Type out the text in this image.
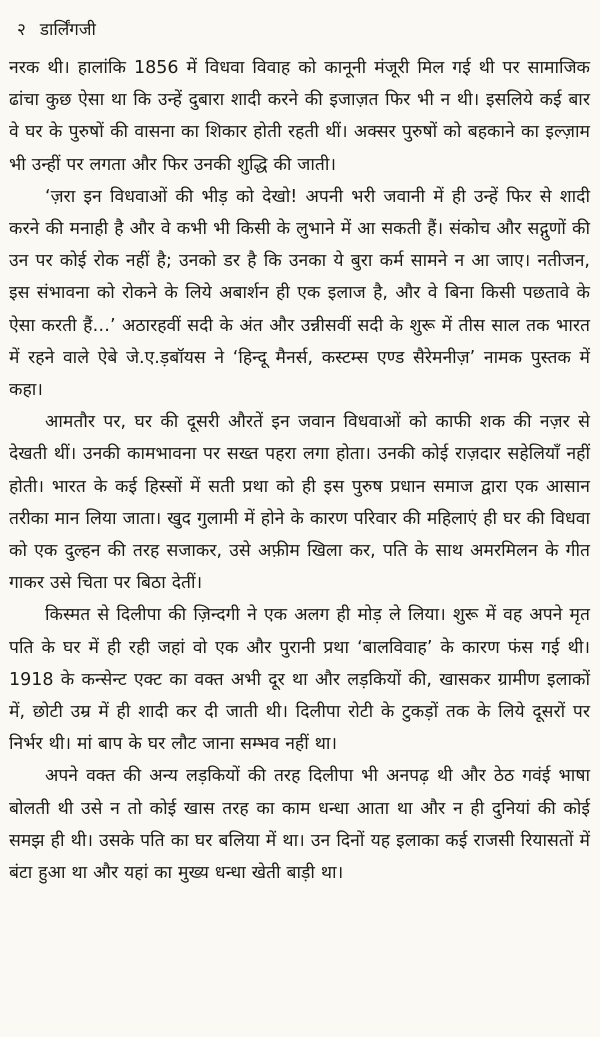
२ डार्लिंगजी

नरक थी। हालांकि 1856 में विधवा विवाह को कानूनी मंजूरी मिल गई थी पर सामाजिक ढांचा कुछ ऐसा था कि उन्हें दुबारा शादी करने की इजाज़त फिर भी न थी। इसलिये कई बार वे घर के पुरुषों की वासना का शिकार होती रहती थीं। अक्सर पुरुषों को बहकाने का इल्ज़ाम भी उन्हीं पर लगता और फिर उनकी शुद्धि की जाती।

‘ज़रा इन विधवाओं की भीड़ को देखो! अपनी भरी जवानी में ही उन्हें फिर से शादी करने की मनाही है और वे कभी भी किसी के लुभाने में आ सकती हैं। संकोच और सद्गुणों की उन पर कोई रोक नहीं है; उनको डर है कि उनका ये बुरा कर्म सामने न आ जाए। नतीजन, इस संभावना को रोकने के लिये अबार्शन ही एक इलाज है, और वे बिना किसी पछतावे के ऐसा करती हैं…’ अठारहवीं सदी के अंत और उन्नीसवीं सदी के शुरू में तीस साल तक भारत में रहने वाले ऐबे जे.ए.ड़बॉयस ने ‘हिन्दू मैनर्स, कस्टम्स एण्ड सैरेमनीज़’ नामक पुस्तक में कहा।

आमतौर पर, घर की दूसरी औरतें इन जवान विधवाओं को काफी शक की नज़र से देखती थीं। उनकी कामभावना पर सख्त पहरा लगा होता। उनकी कोई राज़दार सहेलियाँ नहीं होती। भारत के कई हिस्सों में सती प्रथा को ही इस पुरुष प्रधान समाज द्वारा एक आसान तरीका मान लिया जाता। खुद गुलामी में होने के कारण परिवार की महिलाएं ही घर की विधवा को एक दुल्हन की तरह सजाकर, उसे अफ़ीम खिला कर, पति के साथ अमरमिलन के गीत गाकर उसे चिता पर बिठा देतीं।

किस्मत से दिलीपा की ज़िन्दगी ने एक अलग ही मोड़ ले लिया। शुरू में वह अपने मृत पति के घर में ही रही जहां वो एक और पुरानी प्रथा ‘बालविवाह’ के कारण फंस गई थी। 1918 के कन्सेन्ट एक्ट का वक्त अभी दूर था और लड़कियों की, खासकर ग्रामीण इलाकों में, छोटी उम्र में ही शादी कर दी जाती थी। दिलीपा रोटी के टुकड़ों तक के लिये दूसरों पर निर्भर थी। मां बाप के घर लौट जाना सम्भव नहीं था।

अपने वक्त की अन्य लड़कियों की तरह दिलीपा भी अनपढ़ थी और ठेठ गवंई भाषा बोलती थी उसे न तो कोई खास तरह का काम धन्धा आता था और न ही दुनियां की कोई समझ ही थी। उसके पति का घर बलिया में था। उन दिनों यह इलाका कई राजसी रियासतों में बंटा हुआ था और यहां का मुख्य धन्धा खेती बाड़ी था।
